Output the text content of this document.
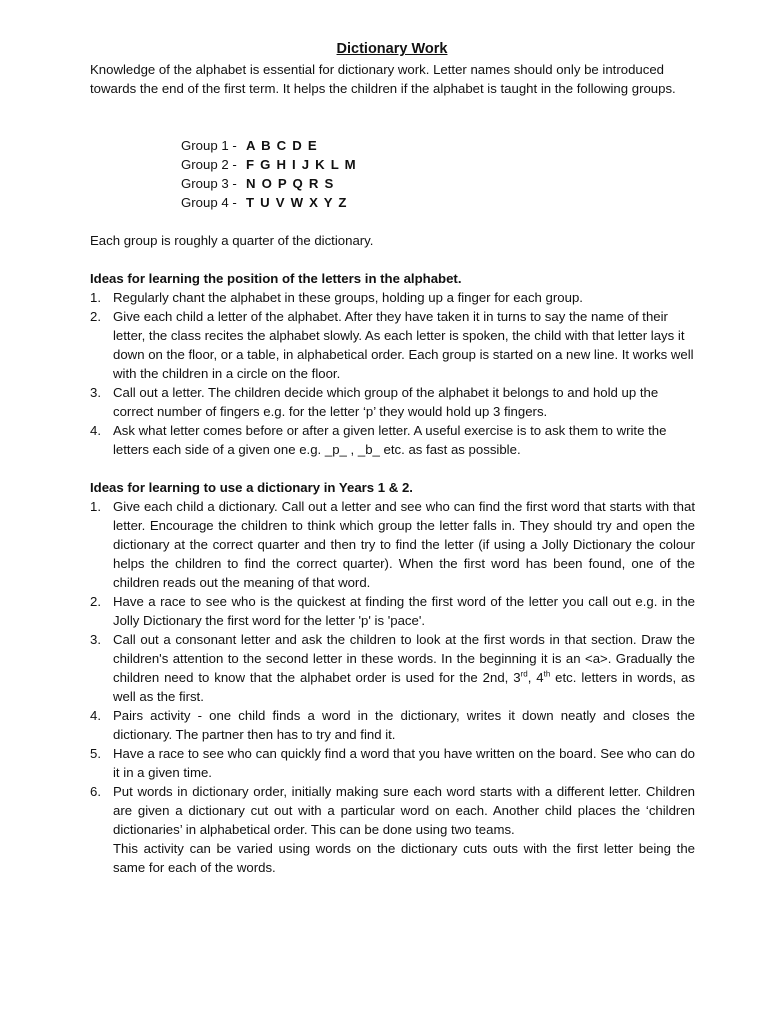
Dictionary Work

Knowledge of the alphabet is essential for dictionary work. Letter names should only be introduced towards the end of the first term. It helps the children if the alphabet is taught in the following groups.

Group 1 - A B C D E
Group 2 - F G H I J K L M
Group 3 - N O P Q R S
Group 4 - T U V W X Y Z

Each group is roughly a quarter of the dictionary.

Ideas for learning the position of the letters in the alphabet.
1. Regularly chant the alphabet in these groups, holding up a finger for each group.
2. Give each child a letter of the alphabet. After they have taken it in turns to say the name of their letter, the class recites the alphabet slowly. As each letter is spoken, the child with that letter lays it down on the floor, or a table, in alphabetical order. Each group is started on a new line. It works well with the children in a circle on the floor.
3. Call out a letter. The children decide which group of the alphabet it belongs to and hold up the correct number of fingers e.g. for the letter ‘p’ they would hold up 3 fingers.
4. Ask what letter comes before or after a given letter. A useful exercise is to ask them to write the letters each side of a given one e.g. _p_ , _b_ etc. as fast as possible.
Ideas for learning to use a dictionary in Years 1 & 2.
1. Give each child a dictionary. Call out a letter and see who can find the first word that starts with that letter. Encourage the children to think which group the letter falls in. They should try and open the dictionary at the correct quarter and then try to find the letter (if using a Jolly Dictionary the colour helps the children to find the correct quarter). When the first word has been found, one of the children reads out the meaning of that word.
2. Have a race to see who is the quickest at finding the first word of the letter you call out e.g. in the Jolly Dictionary the first word for the letter 'p' is 'pace'.
3. Call out a consonant letter and ask the children to look at the first words in that section. Draw the children's attention to the second letter in these words. In the beginning it is an <a>. Gradually the children need to know that the alphabet order is used for the 2nd, 3rd, 4th etc. letters in words, as well as the first.
4. Pairs activity - one child finds a word in the dictionary, writes it down neatly and closes the dictionary. The partner then has to try and find it.
5. Have a race to see who can quickly find a word that you have written on the board. See who can do it in a given time.
6. Put words in dictionary order, initially making sure each word starts with a different letter. Children are given a dictionary cut out with a particular word on each. Another child places the ‘children dictionaries’ in alphabetical order. This can be done using two teams.
This activity can be varied using words on the dictionary cuts outs with the first letter being the same for each of the words.
